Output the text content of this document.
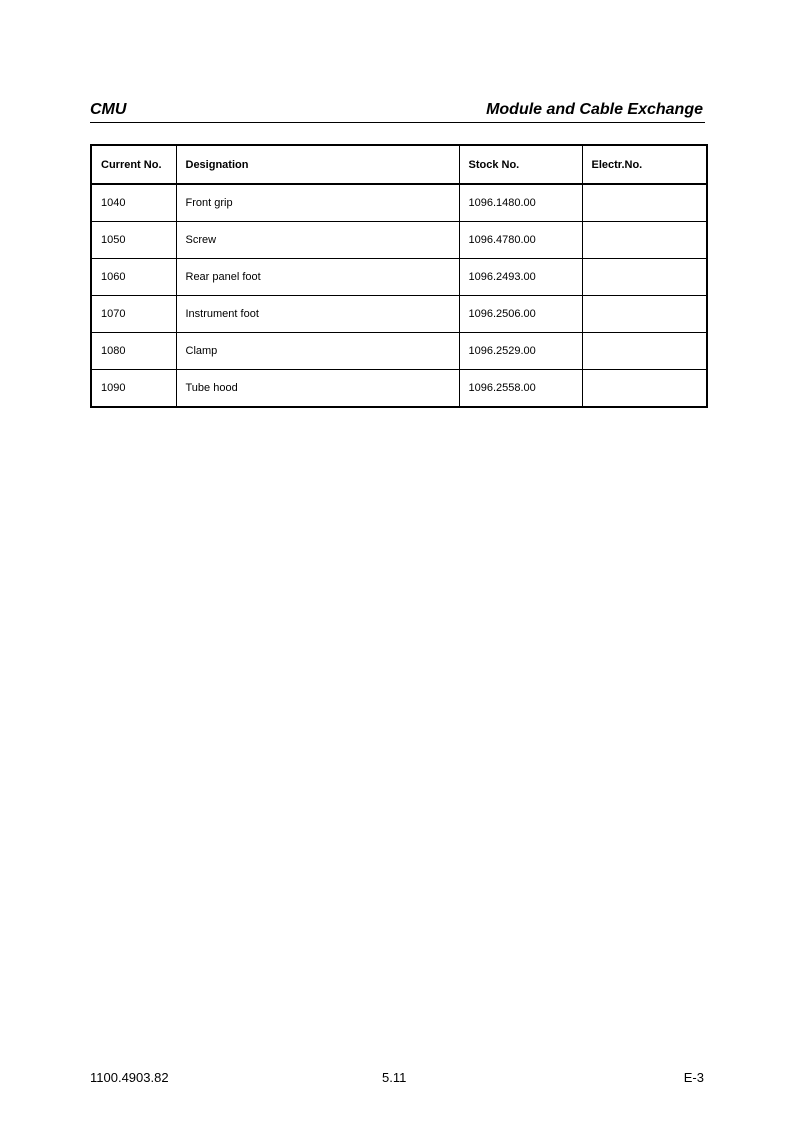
CMU	Module and Cable Exchange
Current No.	Designation	Stock No.	Electr.No.
1040	Front grip	1096.1480.00	
1050	Screw	1096.4780.00	
1060	Rear panel foot	1096.2493.00	
1070	Instrument foot	1096.2506.00	
1080	Clamp	1096.2529.00	
1090	Tube hood	1096.2558.00	
1100.4903.82	5.11	E-3
